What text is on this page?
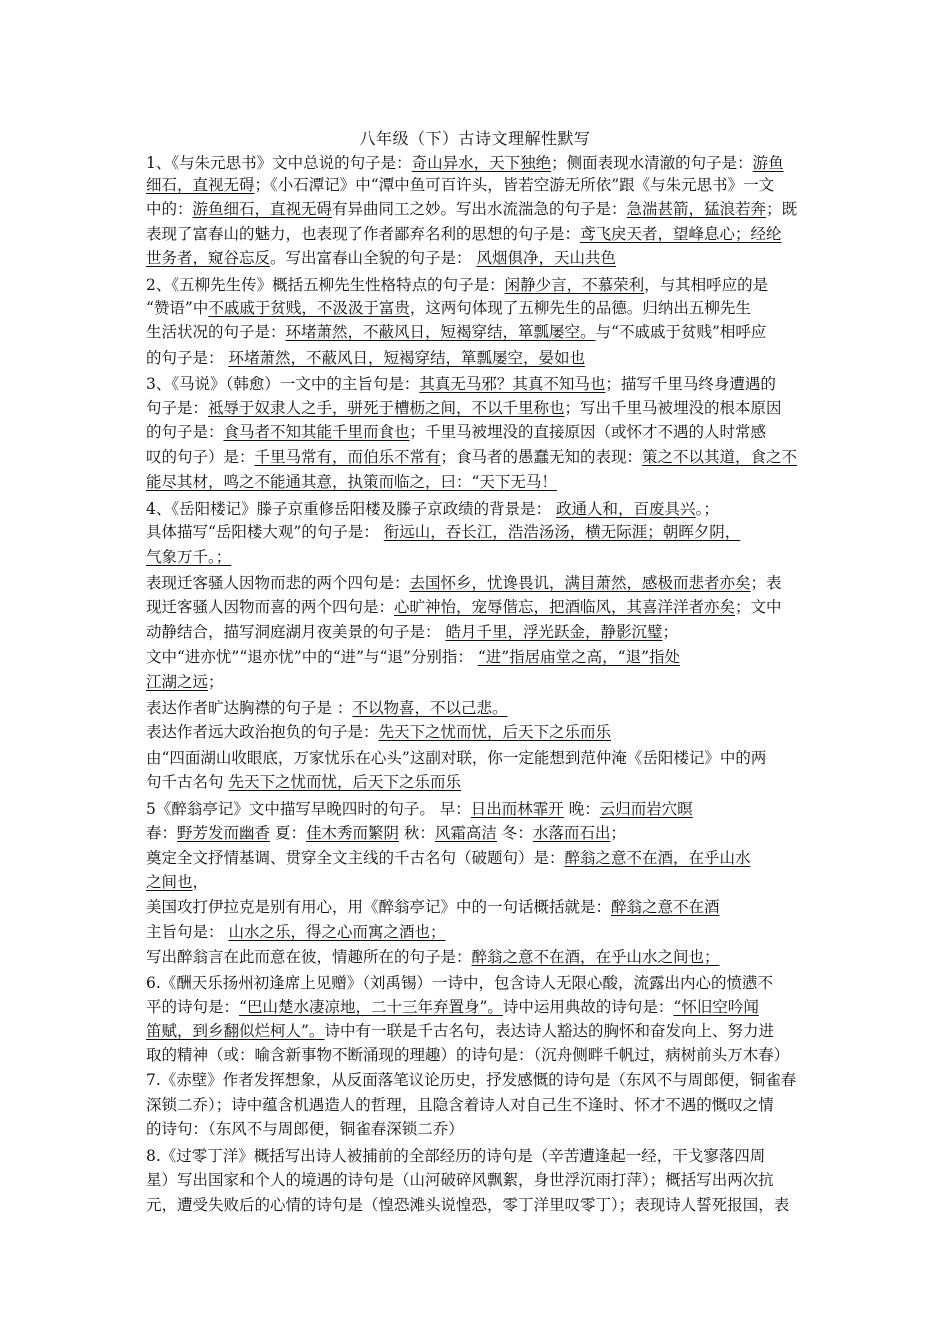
八年级（下）古诗文理解性默写
1、《与朱元思书》文中总说的句子是：奇山异水，天下独绝；侧面表现水清澈的句子是：游鱼
细石，直视无碍；《小石潭记》中“潭中鱼可百许头，皆若空游无所依”跟《与朱元思书》一文
中的：游鱼细石，直视无碍有异曲同工之妙。写出水流湍急的句子是：急湍甚箭，猛浪若奔；既
表现了富春山的魅力，也表现了作者鄙弃名利的思想的句子是：鸢飞戾天者，望峰息心；经纶
世务者，窥谷忘反。写出富春山全貌的句子是： 风烟俱净，天山共色
2、《五柳先生传》概括五柳先生性格特点的句子是：闲静少言，不慕荣利，与其相呼应的是
“赞语”中不戚戚于贫贱，不汲汲于富贵，这两句体现了五柳先生的品德。归纳出五柳先生
生活状况的句子是：环堵萧然，不蔽风日，短褐穿结，箪瓢屡空。与“不戚戚于贫贱”相呼应
的句子是： 环堵萧然，不蔽风日，短褐穿结，箪瓢屡空，晏如也
3、《马说》（韩愈）一文中的主旨句是：其真无马邪？其真不知马也；描写千里马终身遭遇的
句子是：祗辱于奴隶人之手，骈死于槽枥之间，不以千里称也；写出千里马被埋没的根本原因
的句子是：食马者不知其能千里而食也；千里马被埋没的直接原因（或怀才不遇的人时常感
叹的句子）是：千里马常有，而伯乐不常有；食马者的愚蠢无知的表现：策之不以其道，食之不
能尽其材，鸣之不能通其意，执策而临之，曰：“天下无马！
4、《岳阳楼记》滕子京重修岳阳楼及滕子京政绩的背景是： 政通人和，百废具兴。；
具体描写“岳阳楼大观”的句子是： 衔远山，吞长江，浩浩汤汤，横无际涯；朝晖夕阴，
气象万千。；
表现迁客骚人因物而悲的两个四句是：去国怀乡，忧谗畏讥，满目萧然，感极而悲者亦矣；表
现迁客骚人因物而喜的两个四句是：心旷神怡，宠辱偕忘，把酒临风，其喜洋洋者亦矣；文中
动静结合，描写洞庭湖月夜美景的句子是： 皓月千里，浮光跃金，静影沉璧；
文中“进亦忧”“退亦忧”中的“进”与“退”分别指： “进”指居庙堂之高，“退”指处
江湖之远；
表达作者旷达胸襟的句子是 ：不以物喜，不以己悲。
表达作者远大政治抱负的句子是：先天下之忧而忧，后天下之乐而乐
由“四面湖山收眼底，万家忧乐在心头”这副对联，你一定能想到范仲淹《岳阳楼记》中的两
句千古名句 先天下之忧而忧，后天下之乐而乐
5《醉翁亭记》文中描写早晚四时的句子。 早：日出而林霏开 晚：云归而岩穴暝
春：野芳发而幽香 夏：佳木秀而繁阴 秋：风霜高洁 冬：水落而石出；
奠定全文抒情基调、贯穿全文主线的千古名句（破题句）是：醉翁之意不在酒，在乎山水
之间也，
美国攻打伊拉克是别有用心，用《醉翁亭记》中的一句话概括就是：醉翁之意不在酒
主旨句是： 山水之乐，得之心而寓之酒也；
写出醉翁言在此而意在彼，情趣所在的句子是：醉翁之意不在酒，在乎山水之间也；
6.《酬天乐扬州初逢席上见赠》（刘禹锡）一诗中，包含诗人无限心酸，流露出内心的愤懑不
平的诗句是：“巴山楚水凄凉地，二十三年弃置身”。诗中运用典故的诗句是：“怀旧空吟闻
笛赋，到乡翻似烂柯人”。诗中有一联是千古名句，表达诗人豁达的胸怀和奋发向上、努力进
取的精神（或：喻含新事物不断涌现的理趣）的诗句是：（沉舟侧畔千帆过，病树前头万木春）
7.《赤壁》作者发挥想象，从反面落笔议论历史，抒发感慨的诗句是（东风不与周郎便，铜雀春
深锁二乔）；诗中蕴含机遇造人的哲理，且隐含着诗人对自己生不逢时、怀才不遇的慨叹之情
的诗句：（东风不与周郎便，铜雀春深锁二乔）
8.《过零丁洋》概括写出诗人被捕前的全部经历的诗句是（辛苦遭逢起一经，干戈寥落四周
星）写出国家和个人的境遇的诗句是（山河破碎风飘絮，身世浮沉雨打萍）；概括写出两次抗
元，遭受失败后的心情的诗句是（惶恐滩头说惶恐，零丁洋里叹零丁）；表现诗人誓死报国，表
